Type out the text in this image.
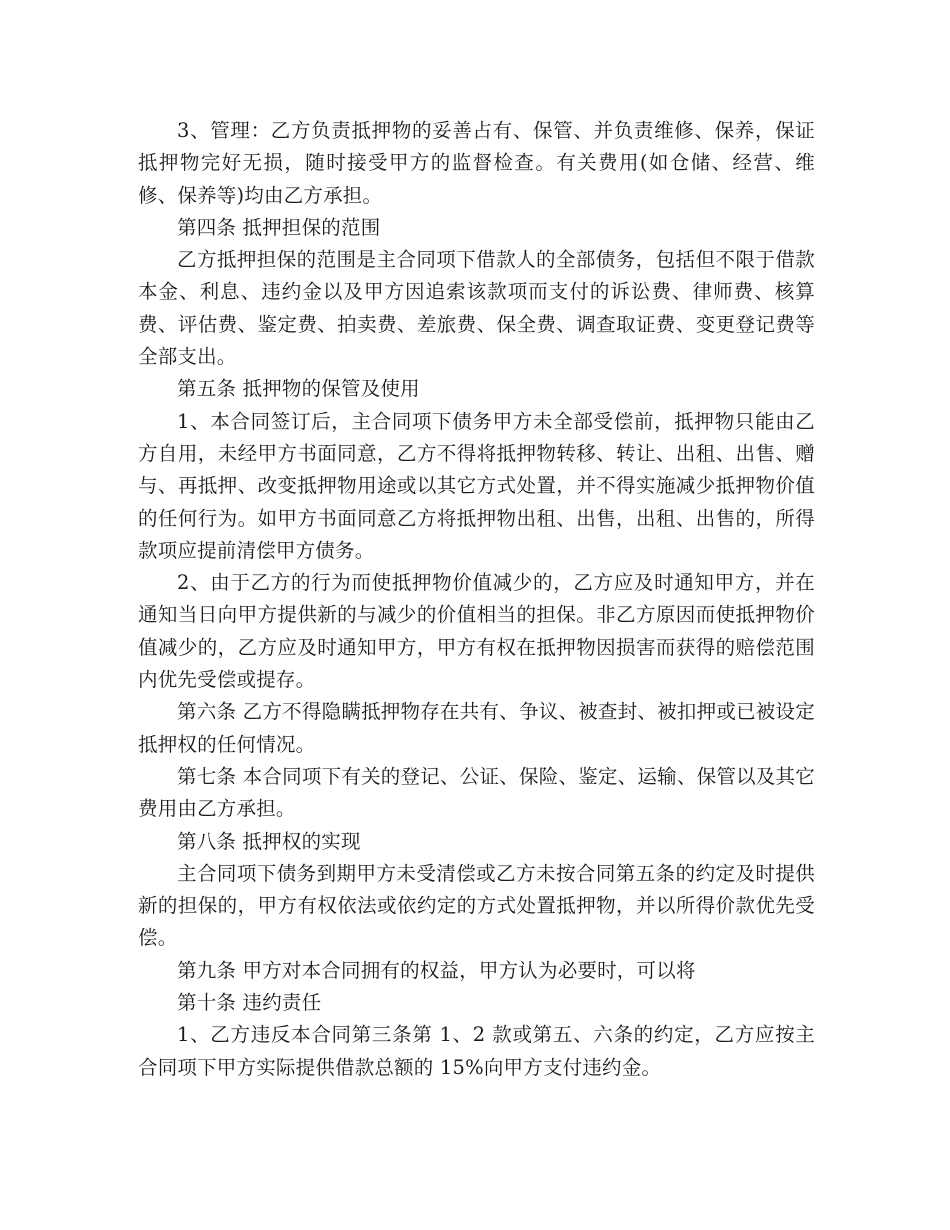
3、管理：乙方负责抵押物的妥善占有、保管、并负责维修、保养，保证抵押物完好无损，随时接受甲方的监督检查。有关费用(如仓储、经营、维修、保养等)均由乙方承担。

第四条 抵押担保的范围

乙方抵押担保的范围是主合同项下借款人的全部债务，包括但不限于借款本金、利息、违约金以及甲方因追索该款项而支付的诉讼费、律师费、核算费、评估费、鉴定费、拍卖费、差旅费、保全费、调查取证费、变更登记费等全部支出。

第五条 抵押物的保管及使用

1、本合同签订后，主合同项下债务甲方未全部受偿前，抵押物只能由乙方自用，未经甲方书面同意，乙方不得将抵押物转移、转让、出租、出售、赠与、再抵押、改变抵押物用途或以其它方式处置，并不得实施减少抵押物价值的任何行为。如甲方书面同意乙方将抵押物出租、出售，出租、出售的，所得款项应提前清偿甲方债务。

2、由于乙方的行为而使抵押物价值减少的，乙方应及时通知甲方，并在通知当日向甲方提供新的与减少的价值相当的担保。非乙方原因而使抵押物价值减少的，乙方应及时通知甲方，甲方有权在抵押物因损害而获得的赔偿范围内优先受偿或提存。

第六条 乙方不得隐瞒抵押物存在共有、争议、被查封、被扣押或已被设定抵押权的任何情况。

第七条 本合同项下有关的登记、公证、保险、鉴定、运输、保管以及其它费用由乙方承担。

第八条 抵押权的实现

主合同项下债务到期甲方未受清偿或乙方未按合同第五条的约定及时提供新的担保的，甲方有权依法或依约定的方式处置抵押物，并以所得价款优先受偿。

第九条 甲方对本合同拥有的权益，甲方认为必要时，可以将

第十条 违约责任

1、乙方违反本合同第三条第 1、2 款或第五、六条的约定，乙方应按主合同项下甲方实际提供借款总额的 15%向甲方支付违约金。
